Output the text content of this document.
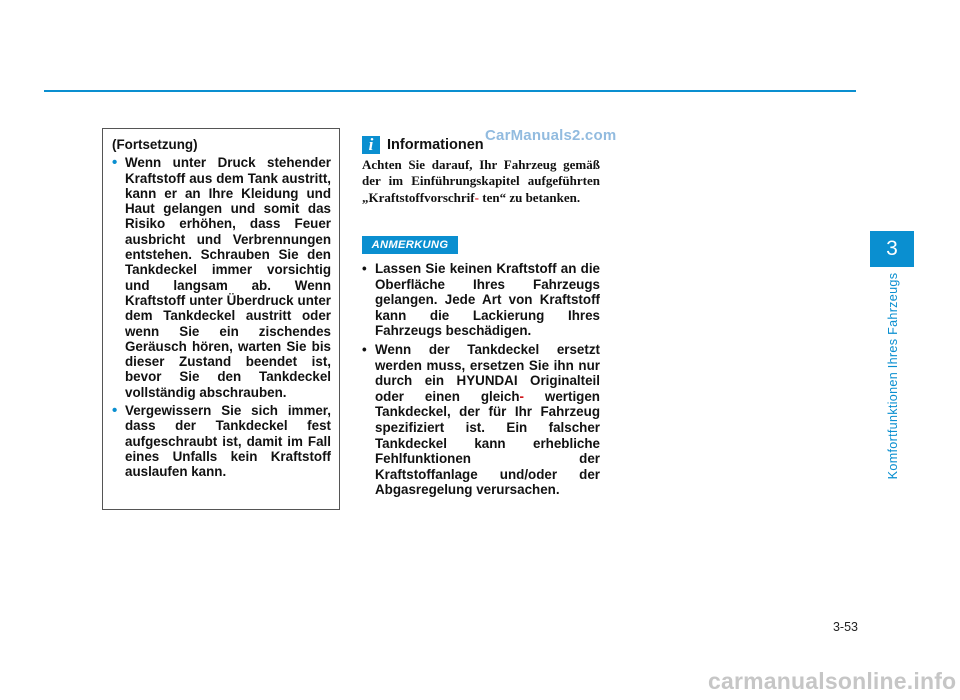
(Fortsetzung)

• Wenn unter Druck stehender Kraftstoff aus dem Tank austritt, kann er an Ihre Kleidung und Haut gelangen und somit das Risiko erhöhen, dass Feuer ausbricht und Verbrennungen entstehen. Schrauben Sie den Tankdeckel immer vorsichtig und langsam ab. Wenn Kraftstoff unter Überdruck unter dem Tankdeckel austritt oder wenn Sie ein zischendes Geräusch hören, warten Sie bis dieser Zustand beendet ist, bevor Sie den Tankdeckel vollständig abschrauben.
• Vergewissern Sie sich immer, dass der Tankdeckel fest aufgeschraubt ist, damit im Fall eines Unfalls kein Kraftstoff auslaufen kann.
i Informationen
CarManuals2.com
Achten Sie darauf, Ihr Fahrzeug gemäß der im Einführungskapitel aufgeführten „Kraftstoffvorschrif- ten“ zu betanken.
ANMERKUNG
• Lassen Sie keinen Kraftstoff an die Oberfläche Ihres Fahrzeugs gelangen. Jede Art von Kraftstoff kann die Lackierung Ihres Fahrzeugs beschädigen.
• Wenn der Tankdeckel ersetzt werden muss, ersetzen Sie ihn nur durch ein HYUNDAI Originalteil oder einen gleich- wertigen Tankdeckel, der für Ihr Fahrzeug spezifiziert ist. Ein falscher Tankdeckel kann erhebliche Fehlfunktionen der Kraftstoffanlage und/oder der Abgasregelung verursachen.
3
Komfortfunktionen Ihres Fahrzeugs
3-53
carmanualsonline.info
